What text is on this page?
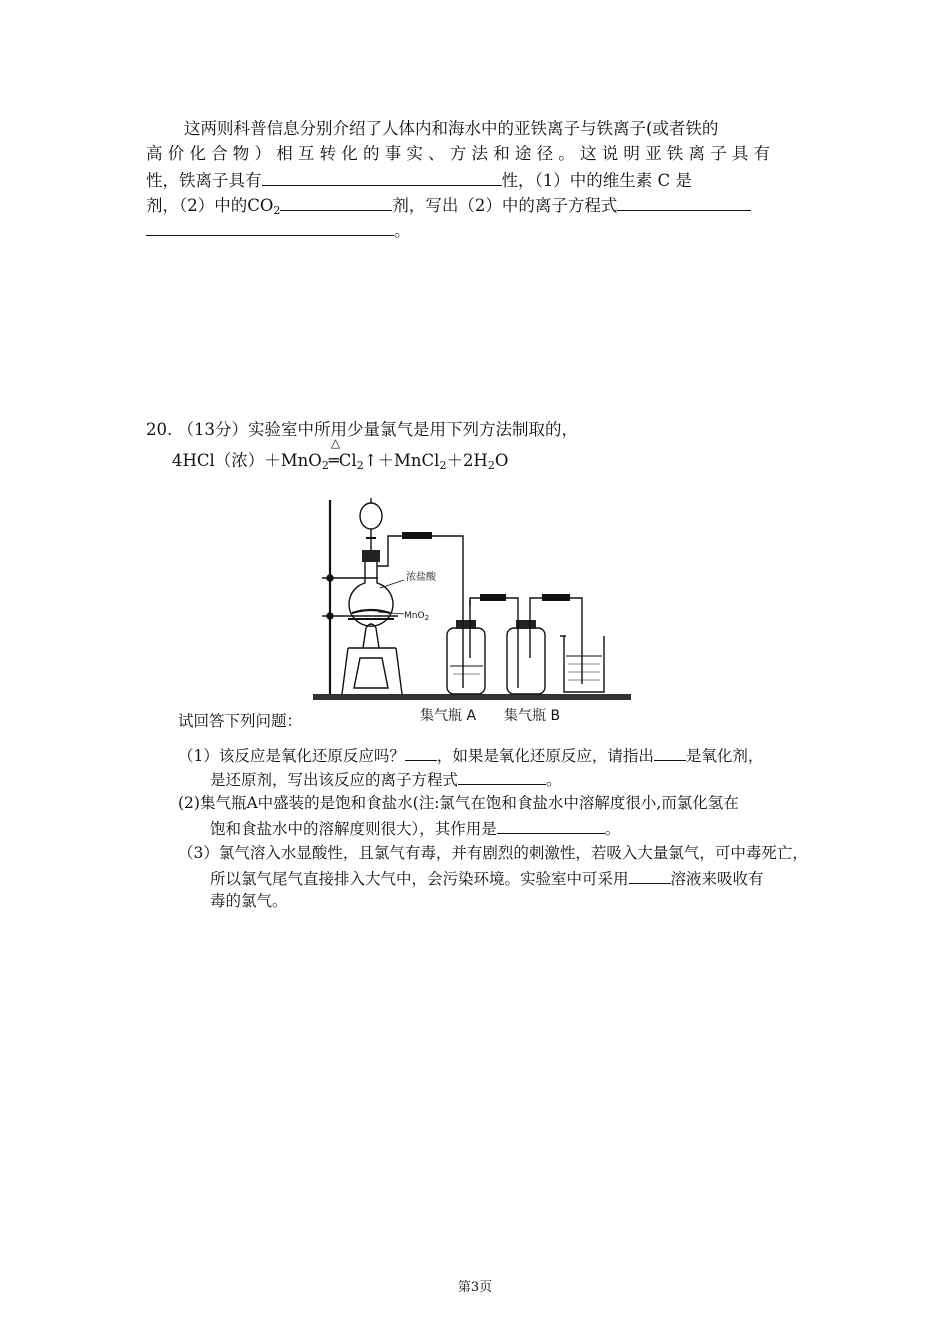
这两则科普信息分别介绍了人体内和海水中的亚铁离子与铁离子(或者铁的
高价化合物）相互转化的事实、方法和途径。这说明亚铁离子具有
性，铁离子具有	性，（1）中的维生素 C 是
剂，（2）中的$CO_2$	剂，写出（2）中的离子方程式
。
20. （13分）实验室中所用少量氯气是用下列方法制取的，
4HCl（浓）＋MnO$_2$
△
$═Cl_2↑+MnCl_2+2H_2O$
浓盐酸
MnO$_2$
集气瓶 A 集气瓶 B
试回答下列问题：
（1）该反应是氧化还原反应吗？ ，如果是氧化还原反应，请指出 是氧化剂，
是还原剂，写出该反应的离子方程式	。
(2)集气瓶A中盛装的是饱和食盐水(注:氯气在饱和食盐水中溶解度很小,而氯化氢在
饱和食盐水中的溶解度则很大），其作用是	。
（3）氯气溶入水显酸性，且氯气有毒，并有剧烈的刺激性，若吸入大量氯气，可中毒死亡，
所以氯气尾气直接排入大气中，会污染环境。实验室中可采用	溶液来吸收有
毒的氯气。
第3页
